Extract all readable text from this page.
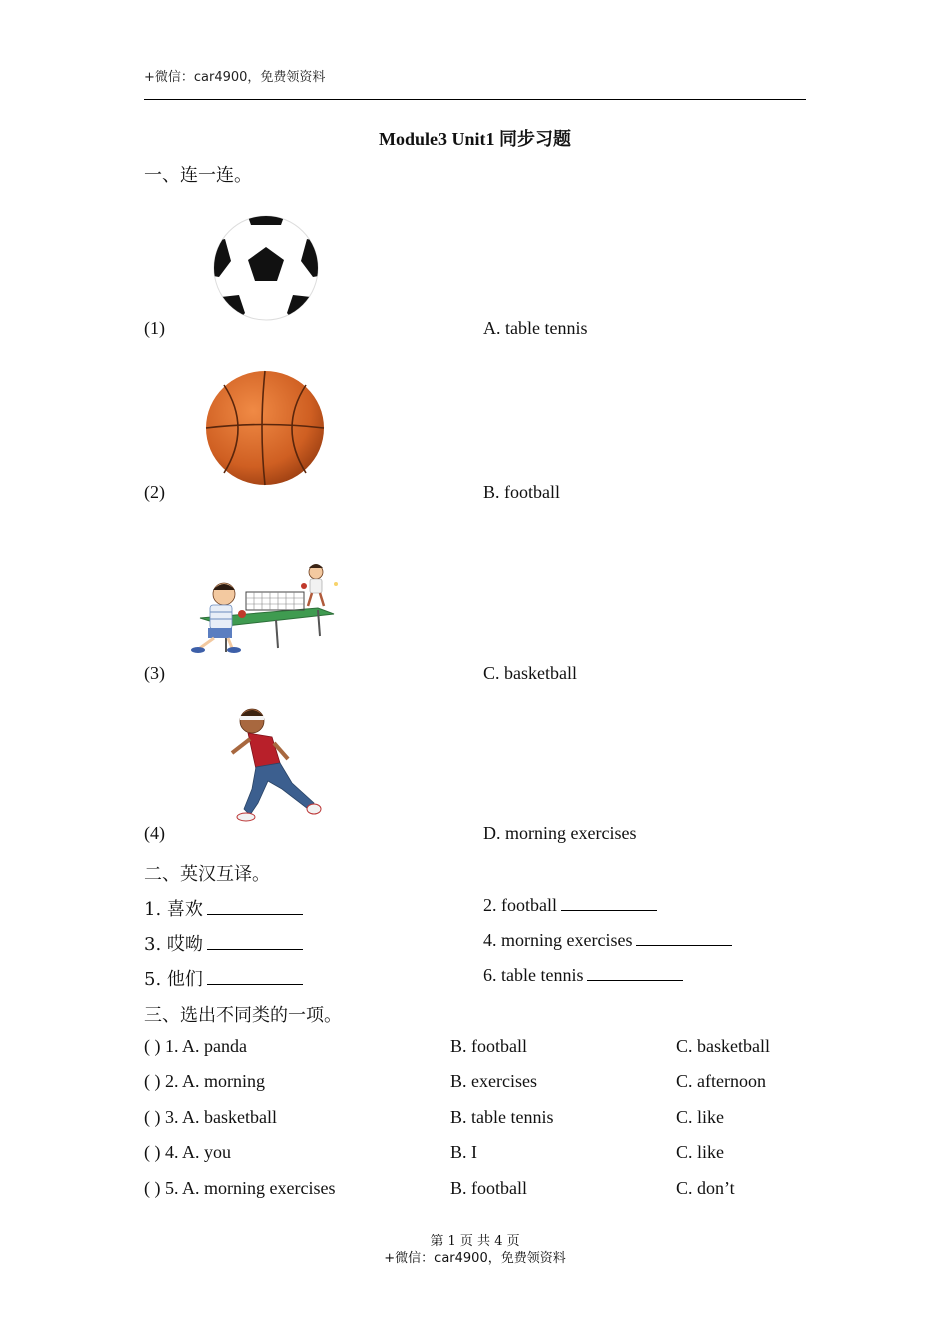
+微信：car4900，免费领资料
Module3 Unit1 同步习题
一、连一连。
(1)	A. table tennis
(2)	B. football
(3)	C. basketball
(4)	D. morning exercises
二、英汉互译。
1. 喜欢	2. football
3. 哎呦	4. morning exercises
5. 他们	6. table tennis
三、选出不同类的一项。
( ) 1. A. panda	B. football	C. basketball
( ) 2. A. morning	B. exercises	C. afternoon
( ) 3. A. basketball	B. table tennis	C. like
( ) 4. A. you	B. I	C. like
( ) 5. A. morning exercises	B. football	C. don’t
第 1 页 共 4 页
+微信：car4900，免费领资料
